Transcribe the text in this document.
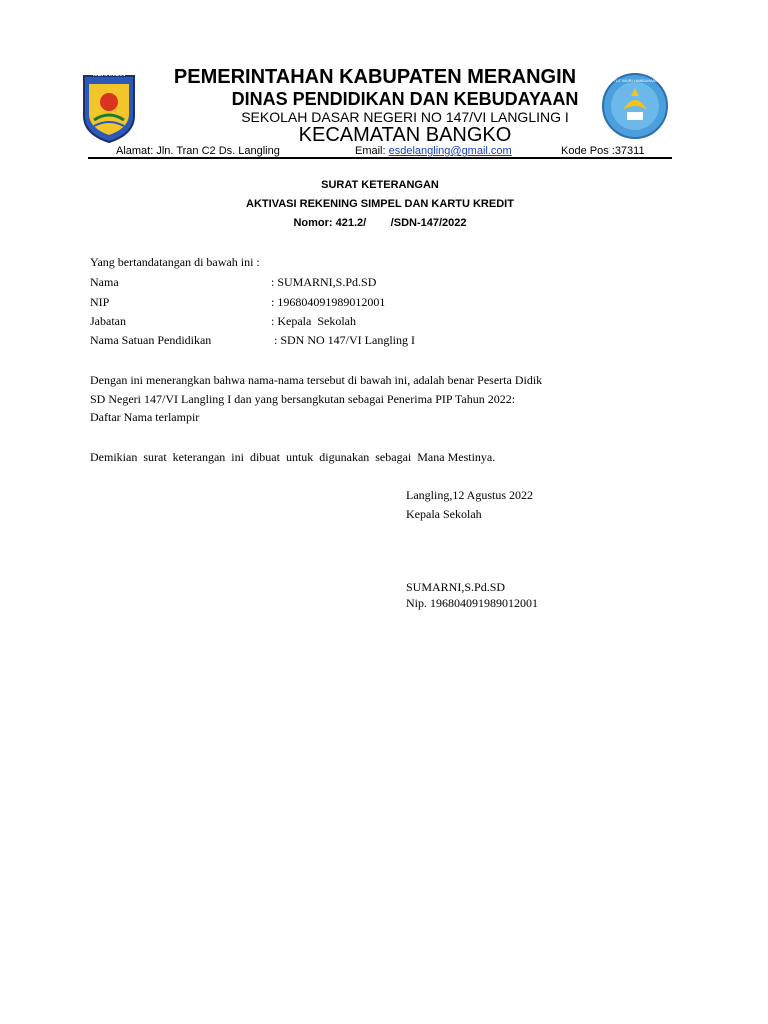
MERANGIN
TUT WURI HANDAYANI
PEMERINTAHAN KABUPATEN MERANGIN
DINAS PENDIDIKAN DAN KEBUDAYAAN
SEKOLAH DASAR NEGERI NO 147/VI LANGLING I
KECAMATAN BANGKO
Alamat: Jln. Tran C2 Ds. Langling	Email: esdelangling@gmail.com	Kode Pos :37311
SURAT KETERANGAN
AKTIVASI REKENING SIMPEL DAN KARTU KREDIT
Nomor: 421.2/        /SDN-147/2022
Yang bertandatangan di bawah ini :
Nama	: SUMARNI,S.Pd.SD
NIP	: 196804091989012001
Jabatan	: Kepala  Sekolah
Nama Satuan Pendidikan	: SDN NO 147/VI Langling I
Dengan ini menerangkan bahwa nama-nama tersebut di bawah ini, adalah benar Peserta Didik
SD Negeri 147/VI Langling I dan yang bersangkutan sebagai Penerima PIP Tahun 2022:
Daftar Nama terlampir
Demikian  surat  keterangan  ini  dibuat  untuk  digunakan  sebagai  Mana Mestinya.
Langling,12 Agustus 2022
Kepala Sekolah
SUMARNI,S.Pd.SD
Nip. 196804091989012001
